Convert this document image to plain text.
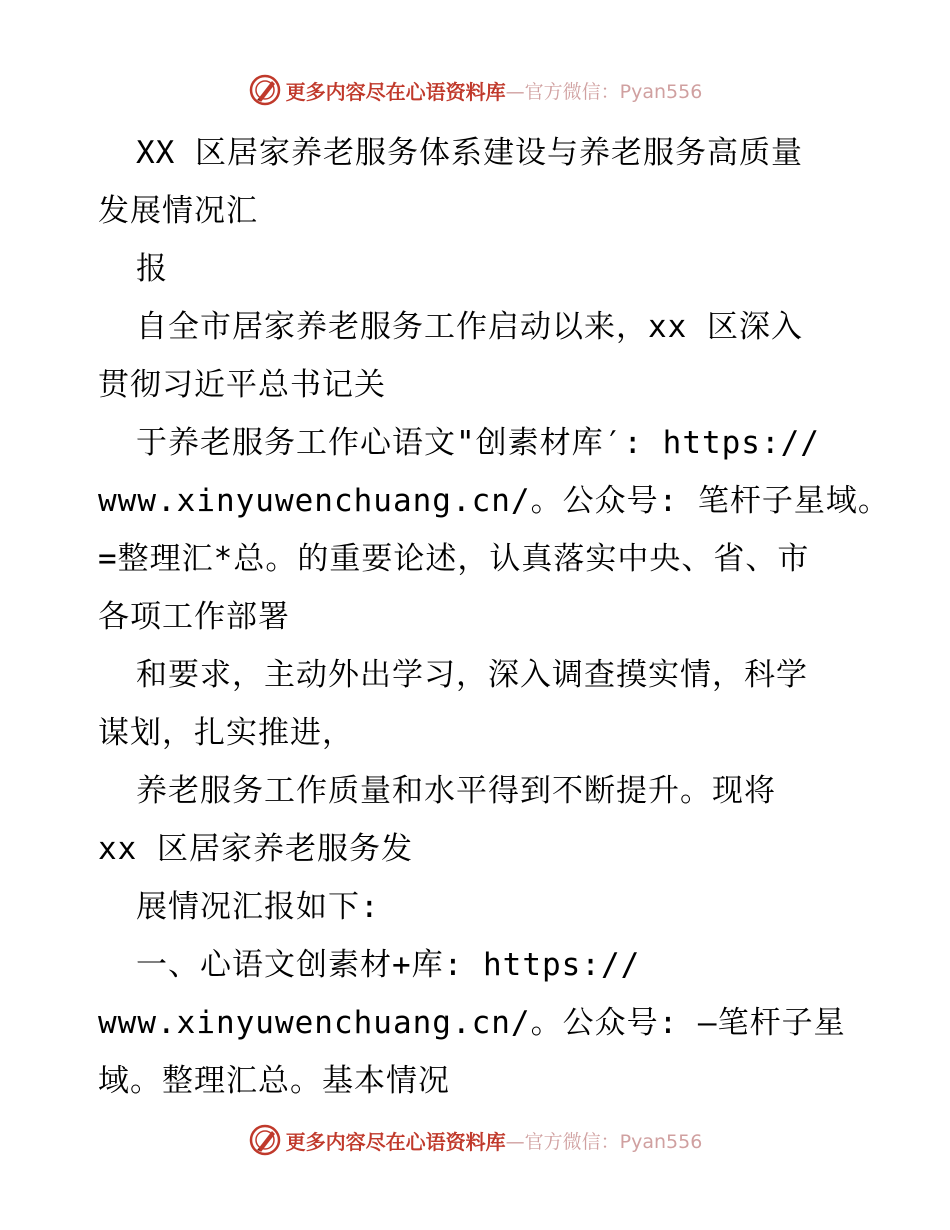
更多内容尽在心语资料库 —官方微信：Pyan556
XX 区居家养老服务体系建设与养老服务高质量
发展情况汇
报
自全市居家养老服务工作启动以来，xx 区深入
贯彻习近平总书记关
于养老服务工作心语文"创素材库′: https://
www.xinyuwenchuang.cn/。公众号: 笔杆子星域。
=整理汇*总。的重要论述，认真落实中央、省、市
各项工作部署
和要求，主动外出学习，深入调查摸实情，科学
谋划，扎实推进，
养老服务工作质量和水平得到不断提升。现将
xx 区居家养老服务发
展情况汇报如下:
一、心语文创素材+库: https://
www.xinyuwenchuang.cn/。公众号: —笔杆子星
域。整理汇总。基本情况
更多内容尽在心语资料库 —官方微信：Pyan556
